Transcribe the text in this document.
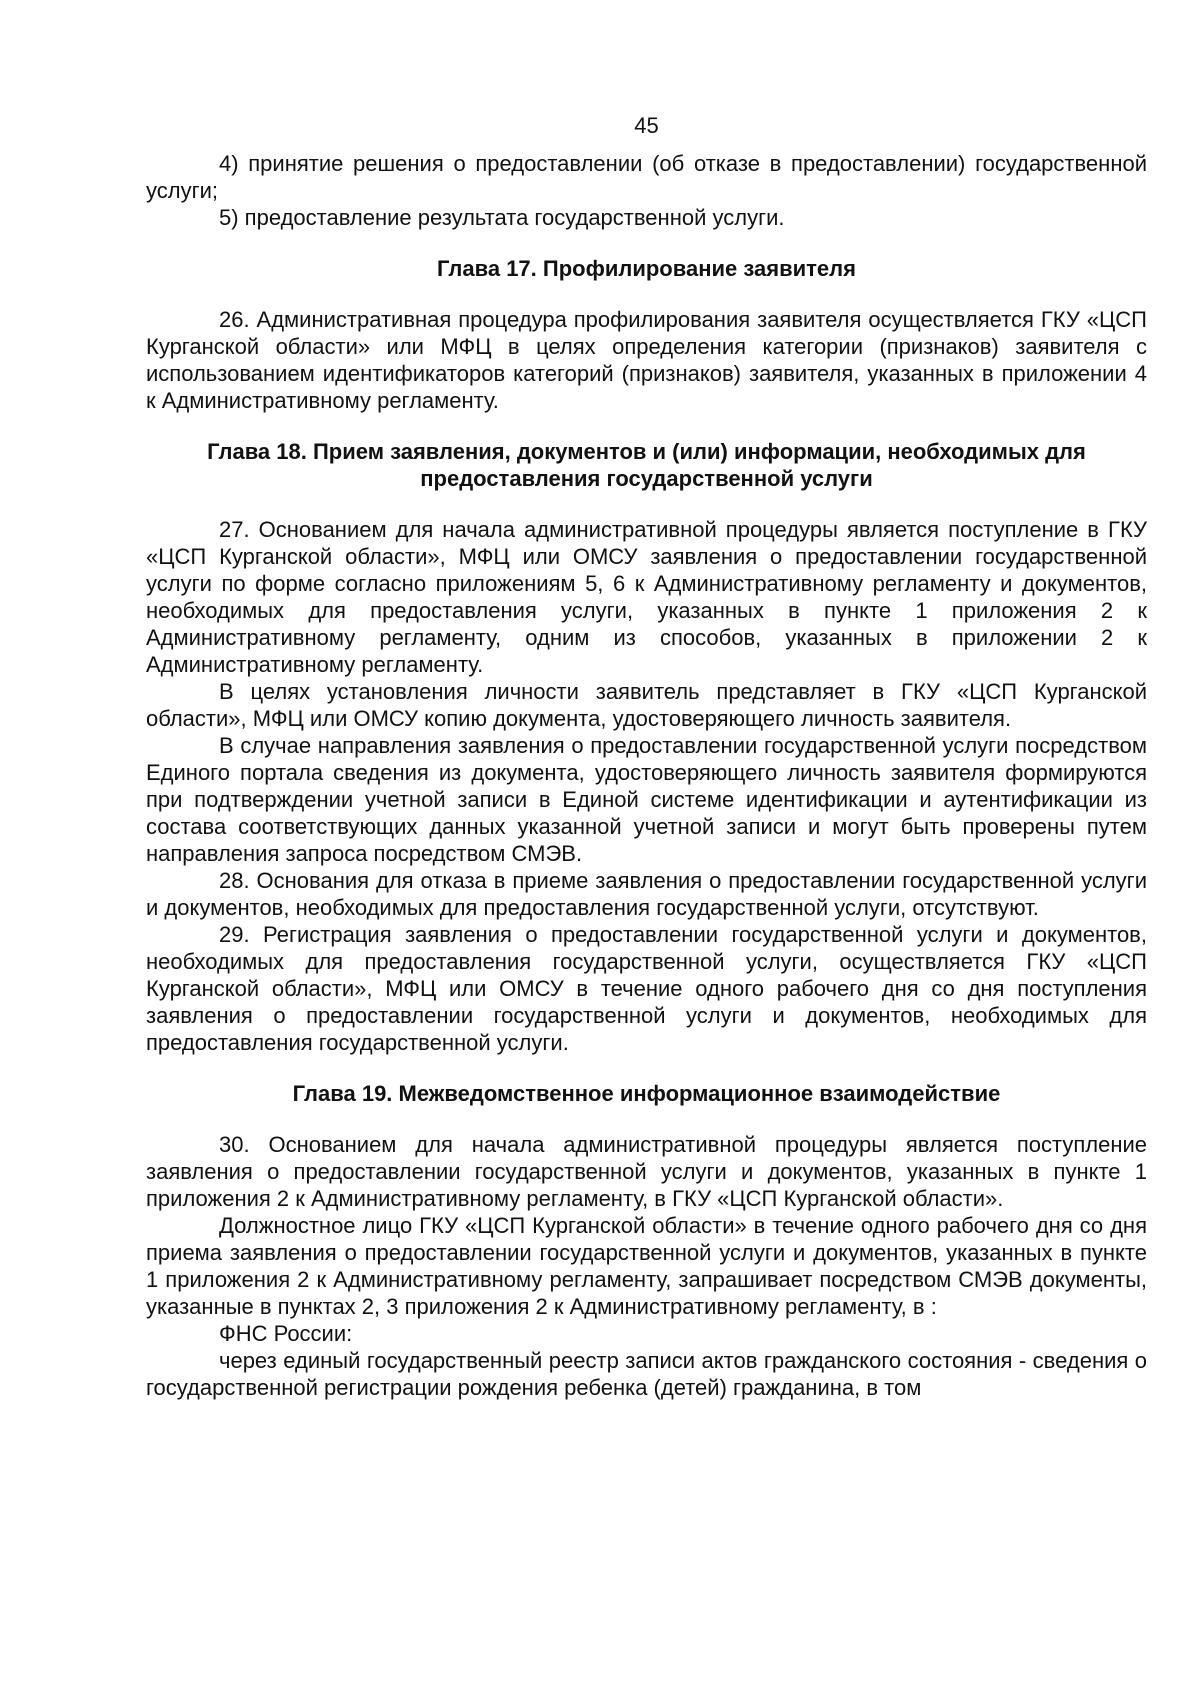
45

4) принятие решения о предоставлении (об отказе в предоставлении) государственной услуги;

5) предоставление результата государственной услуги.

Глава 17. Профилирование заявителя

26. Административная процедура профилирования заявителя осуществляется ГКУ «ЦСП Курганской области» или МФЦ в целях определения категории (признаков) заявителя с использованием идентификаторов категорий (признаков) заявителя, указанных в приложении 4 к Административному регламенту.

Глава 18. Прием заявления, документов и (или) информации, необходимых для предоставления государственной услуги

27. Основанием для начала административной процедуры является поступление в ГКУ «ЦСП Курганской области», МФЦ или ОМСУ заявления о предоставлении государственной услуги по форме согласно приложениям 5, 6 к Административному регламенту и документов, необходимых для предоставления услуги, указанных в пункте 1 приложения 2 к Административному регламенту, одним из способов, указанных в приложении 2 к Административному регламенту.

В целях установления личности заявитель представляет в ГКУ «ЦСП Курганской области», МФЦ или ОМСУ копию документа, удостоверяющего личность заявителя.

В случае направления заявления о предоставлении государственной услуги посредством Единого портала сведения из документа, удостоверяющего личность заявителя формируются при подтверждении учетной записи в Единой системе идентификации и аутентификации из состава соответствующих данных указанной учетной записи и могут быть проверены путем направления запроса посредством СМЭВ.

28. Основания для отказа в приеме заявления о предоставлении государственной услуги и документов, необходимых для предоставления государственной услуги, отсутствуют.

29. Регистрация заявления о предоставлении государственной услуги и документов, необходимых для предоставления государственной услуги, осуществляется ГКУ «ЦСП Курганской области», МФЦ или ОМСУ в течение одного рабочего дня со дня поступления заявления о предоставлении государственной услуги и документов, необходимых для предоставления государственной услуги.

Глава 19. Межведомственное информационное взаимодействие

30. Основанием для начала административной процедуры является поступление заявления о предоставлении государственной услуги и документов, указанных в пункте 1 приложения 2 к Административному регламенту, в ГКУ «ЦСП Курганской области».

Должностное лицо ГКУ «ЦСП Курганской области» в течение одного рабочего дня со дня приема заявления о предоставлении государственной услуги и документов, указанных в пункте 1 приложения 2 к Административному регламенту, запрашивает посредством СМЭВ документы, указанные в пунктах 2, 3 приложения 2 к Административному регламенту, в :

ФНС России:

через единый государственный реестр записи актов гражданского состояния - сведения о государственной регистрации рождения ребенка (детей) гражданина, в том
